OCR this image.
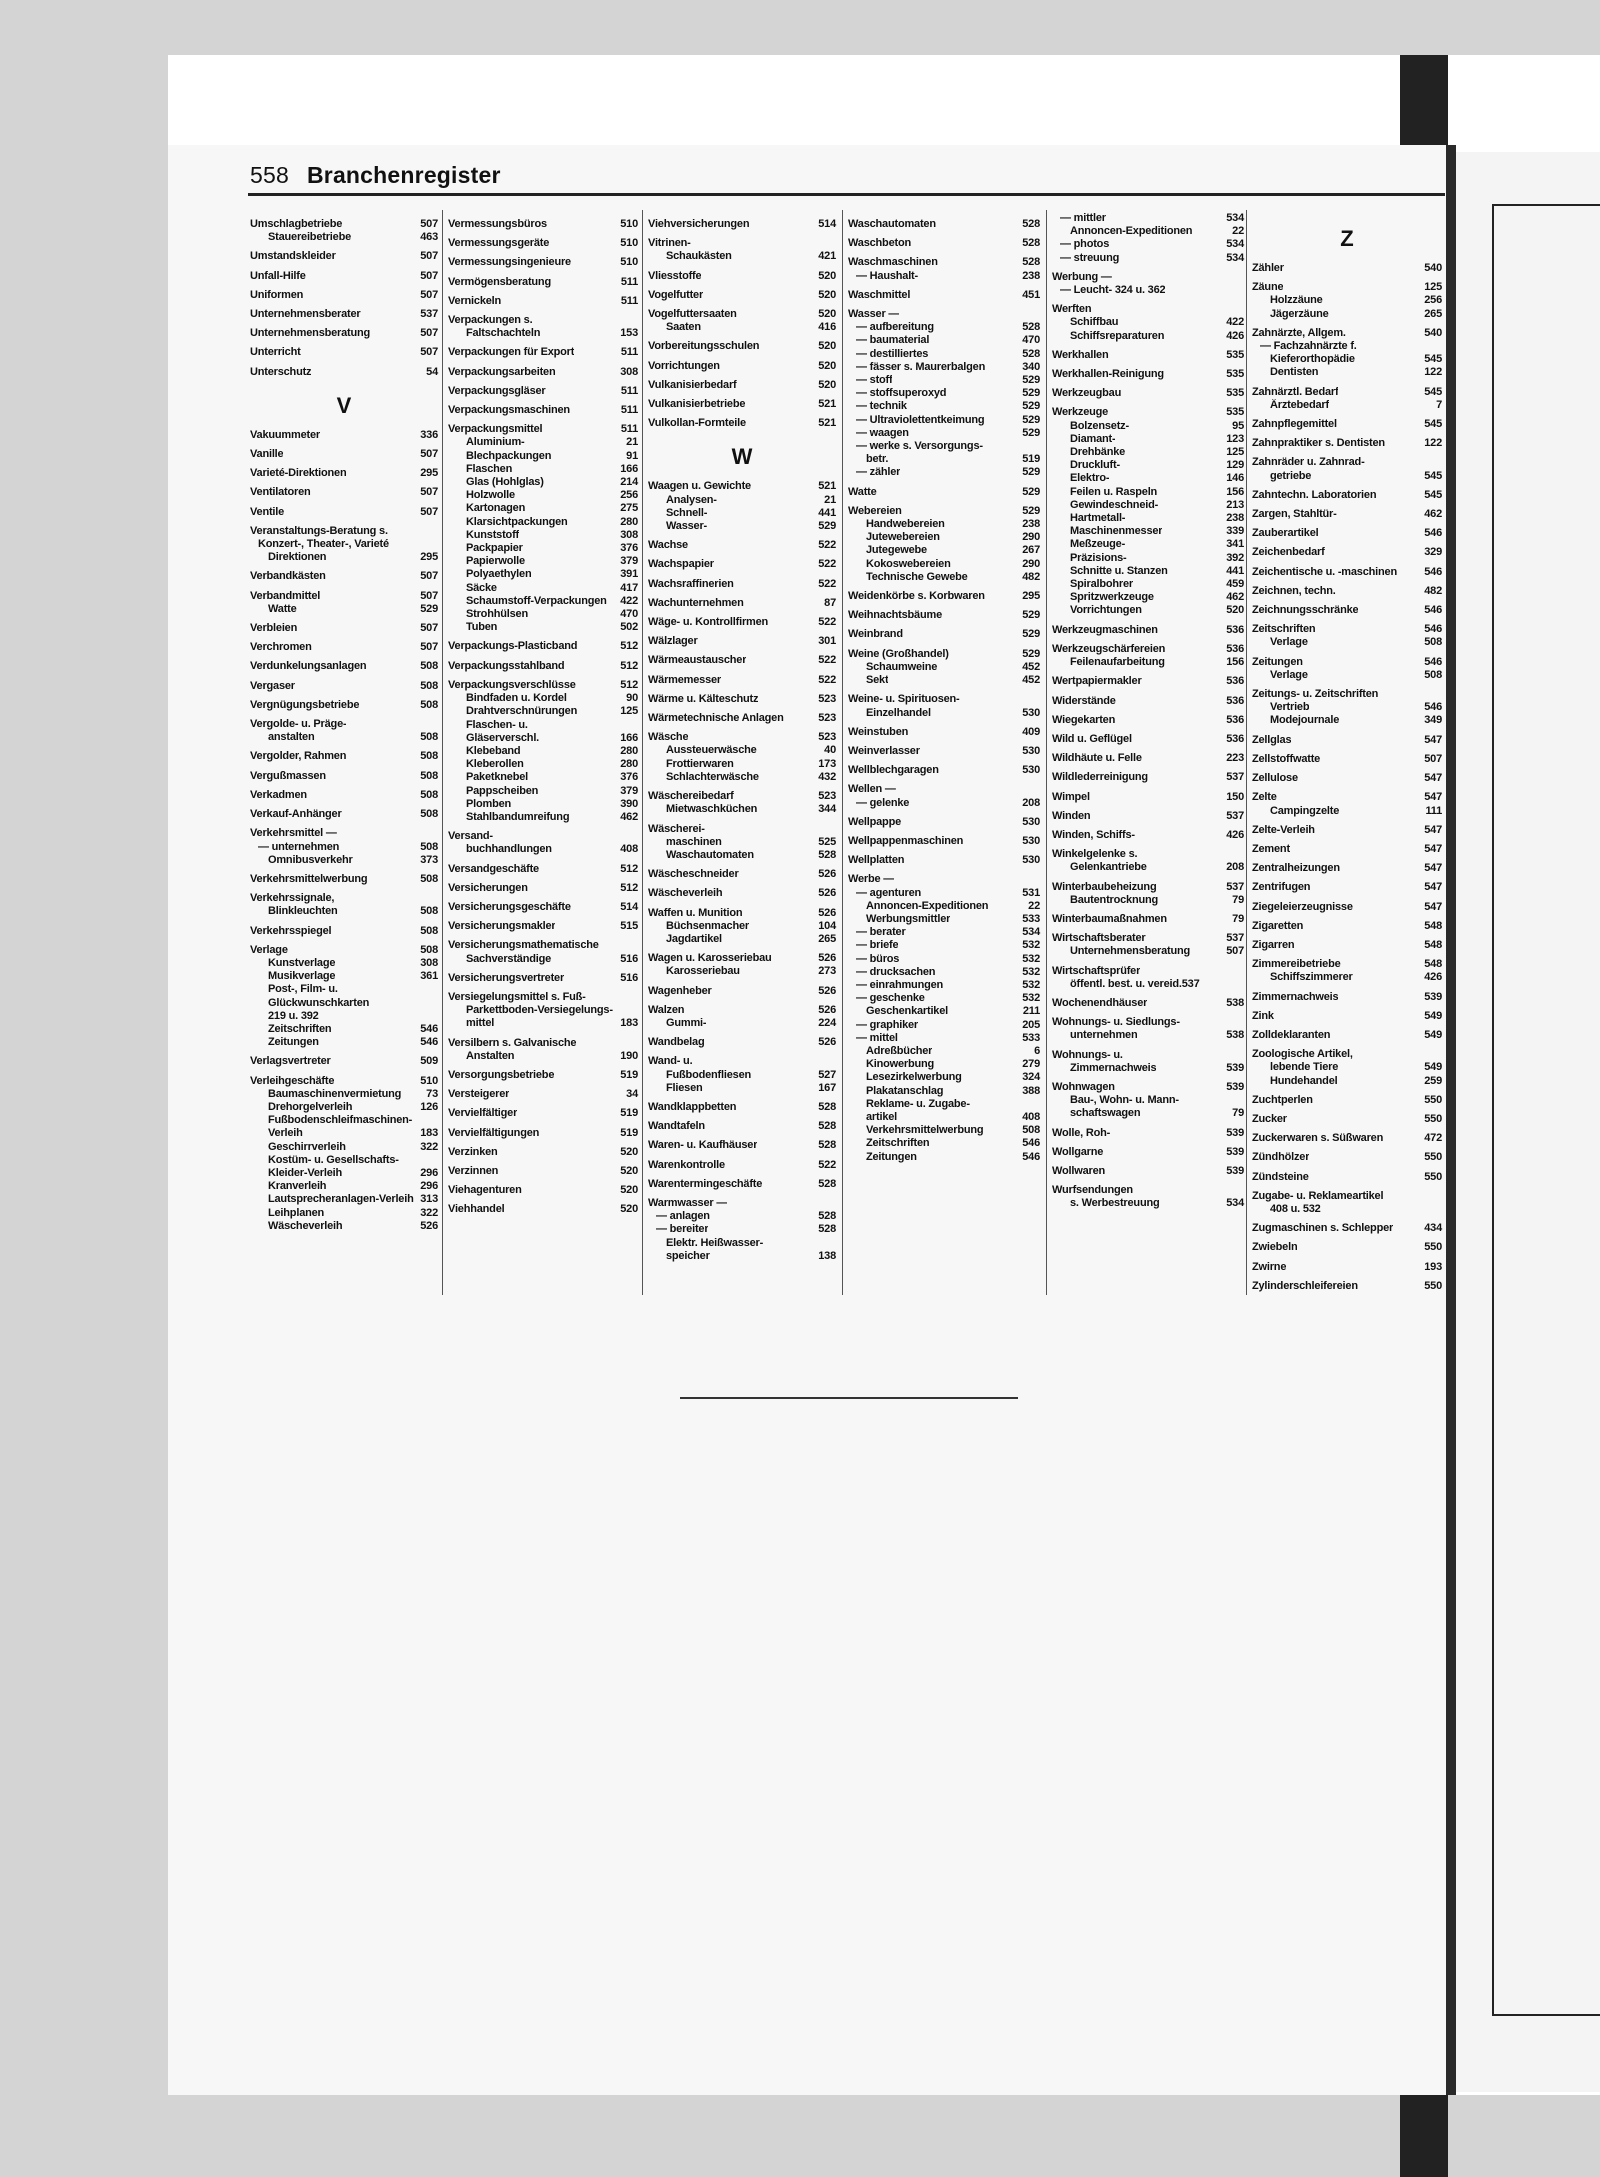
558 Branchenregister
Umschlagbetriebe	507
Stauereibetriebe	463
Umstandskleider	507
Unfall-Hilfe	507
Uniformen	507
Unternehmensberater	537
Unternehmensberatung	507
Unterricht	507
Unterschutz	54
V
Vakuummeter	336
Vanille	507
Varieté-Direktionen	295
Ventilatoren	507
Ventile	507
Veranstaltungs-Beratung s.
Konzert-, Theater-, Varieté
Direktionen	295
Verbandkästen	507
Verbandmittel	507
Watte	529
Verbleien	507
Verchromen	507
Verdunkelungsanlagen	508
Vergaser	508
Vergnügungsbetriebe	508
Vergolde- u. Präge-
anstalten	508
Vergolder, Rahmen	508
Vergußmassen	508
Verkadmen	508
Verkauf-Anhänger	508
Verkehrsmittel —
— unternehmen	508
Omnibusverkehr	373
Verkehrsmittelwerbung	508
Verkehrssignale,
Blinkleuchten	508
Verkehrsspiegel	508
Verlage	508
Kunstverlage	308
Musikverlage	361
Post-, Film- u.
Glückwunschkarten
219 u. 392
Zeitschriften	546
Zeitungen	546
Verlagsvertreter	509
Verleihgeschäfte	510
Baumaschinenvermietung	73
Drehorgelverleih	126
Fußbodenschleifmaschinen-
Verleih	183
Geschirrverleih	322
Kostüm- u. Gesellschafts-
Kleider-Verleih	296
Kranverleih	296
Lautsprecheranlagen-Verleih 313
Leihplanen	322
Wäscheverleih	526
Vermessungsbüros	510
Vermessungsgeräte	510
Vermessungsingenieure	510
Vermögensberatung	511
Vernickeln	511
Verpackungen s.
Faltschachteln	153
Verpackungen für Export	511
Verpackungsarbeiten	308
Verpackungsgläser	511
Verpackungsmaschinen	511
Verpackungsmittel	511
Aluminium-	21
Blechpackungen	91
Flaschen	166
Glas (Hohlglas)	214
Holzwolle	256
Kartonagen	275
Klarsichtpackungen	280
Kunststoff	308
Packpapier	376
Papierwolle	379
Polyaethylen	391
Säcke	417
Schaumstoff-Verpackungen	422
Strohhülsen	470
Tuben	502
Verpackungs-Plasticband	512
Verpackungsstahlband	512
Verpackungsverschlüsse	512
Bindfaden u. Kordel	90
Drahtverschnürungen	125
Flaschen- u.
Gläserverschl.	166
Klebeband	280
Kleberollen	280
Paketknebel	376
Pappscheiben	379
Plomben	390
Stahlbandumreifung	462
Versand-
buchhandlungen	408
Versandgeschäfte	512
Versicherungen	512
Versicherungsgeschäfte	514
Versicherungsmakler	515
Versicherungsmathematische
Sachverständige	516
Versicherungsvertreter	516
Versiegelungsmittel s. Fuß-
Parkettboden-Versiegelungs-
mittel	183
Versilbern s. Galvanische
Anstalten	190
Versorgungsbetriebe	519
Versteigerer	34
Vervielfältiger	519
Vervielfältigungen	519
Verzinken	520
Verzinnen	520
Viehagenturen	520
Viehhandel	520
Viehversicherungen	514
Vitrinen-
Schaukästen	421
Vliesstoffe	520
Vogelfutter	520
Vogelfuttersaaten	520
Saaten	416
Vorbereitungsschulen	520
Vorrichtungen	520
Vulkanisierbedarf	520
Vulkanisierbetriebe	521
Vulkollan-Formteile	521
W
Waagen u. Gewichte	521
Analysen-	21
Schnell-	441
Wasser-	529
Wachse	522
Wachspapier	522
Wachsraffinerien	522
Wachunternehmen	87
Wäge- u. Kontrollfirmen	522
Wälzlager	301
Wärmeaustauscher	522
Wärmemesser	522
Wärme u. Kälteschutz	523
Wärmetechnische Anlagen	523
Wäsche	523
Aussteuerwäsche	40
Frottierwaren	173
Schlachterwäsche	432
Wäschereibedarf	523
Mietwaschküchen	344
Wäscherei-
maschinen	525
Waschautomaten	528
Wäscheschneider	526
Wäscheverleih	526
Waffen u. Munition	526
Büchsenmacher	104
Jagdartikel	265
Wagen u. Karosseriebau	526
Karosseriebau	273
Wagenheber	526
Walzen	526
Gummi-	224
Wandbelag	526
Wand- u.
Fußbodenfliesen	527
Fliesen	167
Wandklappbetten	528
Wandtafeln	528
Waren- u. Kaufhäuser	528
Warenkontrolle	522
Warentermingeschäfte	528
Warmwasser —
— anlagen	528
— bereiter	528
Elektr. Heißwasser-
speicher	138
Waschautomaten	528
Waschbeton	528
Waschmaschinen	528
— Haushalt-	238
Waschmittel	451
Wasser —
— aufbereitung	528
— baumaterial	470
— destilliertes	528
— fässer s. Maurerbalgen	340
— stoff	529
— stoffsuperoxyd	529
— technik	529
— Ultraviolettentkeimung	529
— waagen	529
— werke s. Versorgungs-
betr.	519
— zähler	529
Watte	529
Webereien	529
Handwebereien	238
Jutewebereien	290
Jutegewebe	267
Kokoswebereien	290
Technische Gewebe	482
Weidenkörbe s. Korbwaren	295
Weihnachtsbäume	529
Weinbrand	529
Weine (Großhandel)	529
Schaumweine	452
Sekt	452
Weine- u. Spirituosen-
Einzelhandel	530
Weinstuben	409
Weinverlasser	530
Wellblechgaragen	530
Wellen —
— gelenke	208
Wellpappe	530
Wellpappenmaschinen	530
Wellplatten	530
Werbe —
— agenturen	531
Annoncen-Expeditionen	22
Werbungsmittler	533
— berater	534
— briefe	532
— büros	532
— drucksachen	532
— einrahmungen	532
— geschenke	532
Geschenkartikel	211
— graphiker	205
— mittel	533
Adreßbücher	6
Kinowerbung	279
Lesezirkelwerbung	324
Plakatanschlag	388
Reklame- u. Zugabe-
artikel	408
Verkehrsmittelwerbung	508
Zeitschriften	546
Zeitungen	546
— mittler	534
Annoncen-Expeditionen	22
— photos	534
— streuung	534
Werbung —
— Leucht- 324 u. 362
Werften
Schiffbau	422
Schiffsreparaturen	426
Werkhallen	535
Werkhallen-Reinigung	535
Werkzeugbau	535
Werkzeuge	535
Bolzensetz-	95
Diamant-	123
Drehbänke	125
Druckluft-	129
Elektro-	146
Feilen u. Raspeln	156
Gewindeschneid-	213
Hartmetall-	238
Maschinenmesser	339
Meßzeuge-	341
Präzisions-	392
Schnitte u. Stanzen	441
Spiralbohrer	459
Spritzwerkzeuge	462
Vorrichtungen	520
Werkzeugmaschinen	536
Werkzeugschärfereien	536
Feilenaufarbeitung	156
Wertpapiermakler	536
Widerstände	536
Wiegekarten	536
Wild u. Geflügel	536
Wildhäute u. Felle	223
Wildlederreinigung	537
Wimpel	150
Winden	537
Winden, Schiffs-	426
Winkelgelenke s.
Gelenkantriebe	208
Winterbaubeheizung	537
Bautentrocknung	79
Winterbaumaßnahmen	79
Wirtschaftsberater	537
Unternehmensberatung	507
Wirtschaftsprüfer
öffentl. best. u. vereid.537
Wochenendhäuser	538
Wohnungs- u. Siedlungs-
unternehmen	538
Wohnungs- u.
Zimmernachweis	539
Wohnwagen	539
Bau-, Wohn- u. Mann-
schaftswagen	79
Wolle, Roh-	539
Wollgarne	539
Wollwaren	539
Wurfsendungen
s. Werbestreuung	534
Z
Zähler	540
Zäune	125
Holzzäune	256
Jägerzäune	265
Zahnärzte, Allgem.	540
— Fachzahnärzte f.
Kieferorthopädie	545
Dentisten	122
Zahnärztl. Bedarf	545
Ärztebedarf	7
Zahnpflegemittel	545
Zahnpraktiker s. Dentisten	122
Zahnräder u. Zahnrad-
getriebe	545
Zahntechn. Laboratorien	545
Zargen, Stahltür-	462
Zauberartikel	546
Zeichenbedarf	329
Zeichentische u. -maschinen	546
Zeichnen, techn.	482
Zeichnungsschränke	546
Zeitschriften	546
Verlage	508
Zeitungen	546
Verlage	508
Zeitungs- u. Zeitschriften
Vertrieb	546
Modejournale	349
Zellglas	547
Zellstoffwatte	507
Zellulose	547
Zelte	547
Campingzelte	111
Zelte-Verleih	547
Zement	547
Zentralheizungen	547
Zentrifugen	547
Ziegeleierzeugnisse	547
Zigaretten	548
Zigarren	548
Zimmereibetriebe	548
Schiffszimmerer	426
Zimmernachweis	539
Zink	549
Zolldeklaranten	549
Zoologische Artikel,
lebende Tiere	549
Hundehandel	259
Zuchtperlen	550
Zucker	550
Zuckerwaren s. Süßwaren	472
Zündhölzer	550
Zündsteine	550
Zugabe- u. Reklameartikel
408 u. 532
Zugmaschinen s. Schlepper	434
Zwiebeln	550
Zwirne	193
Zylinderschleifereien	550
